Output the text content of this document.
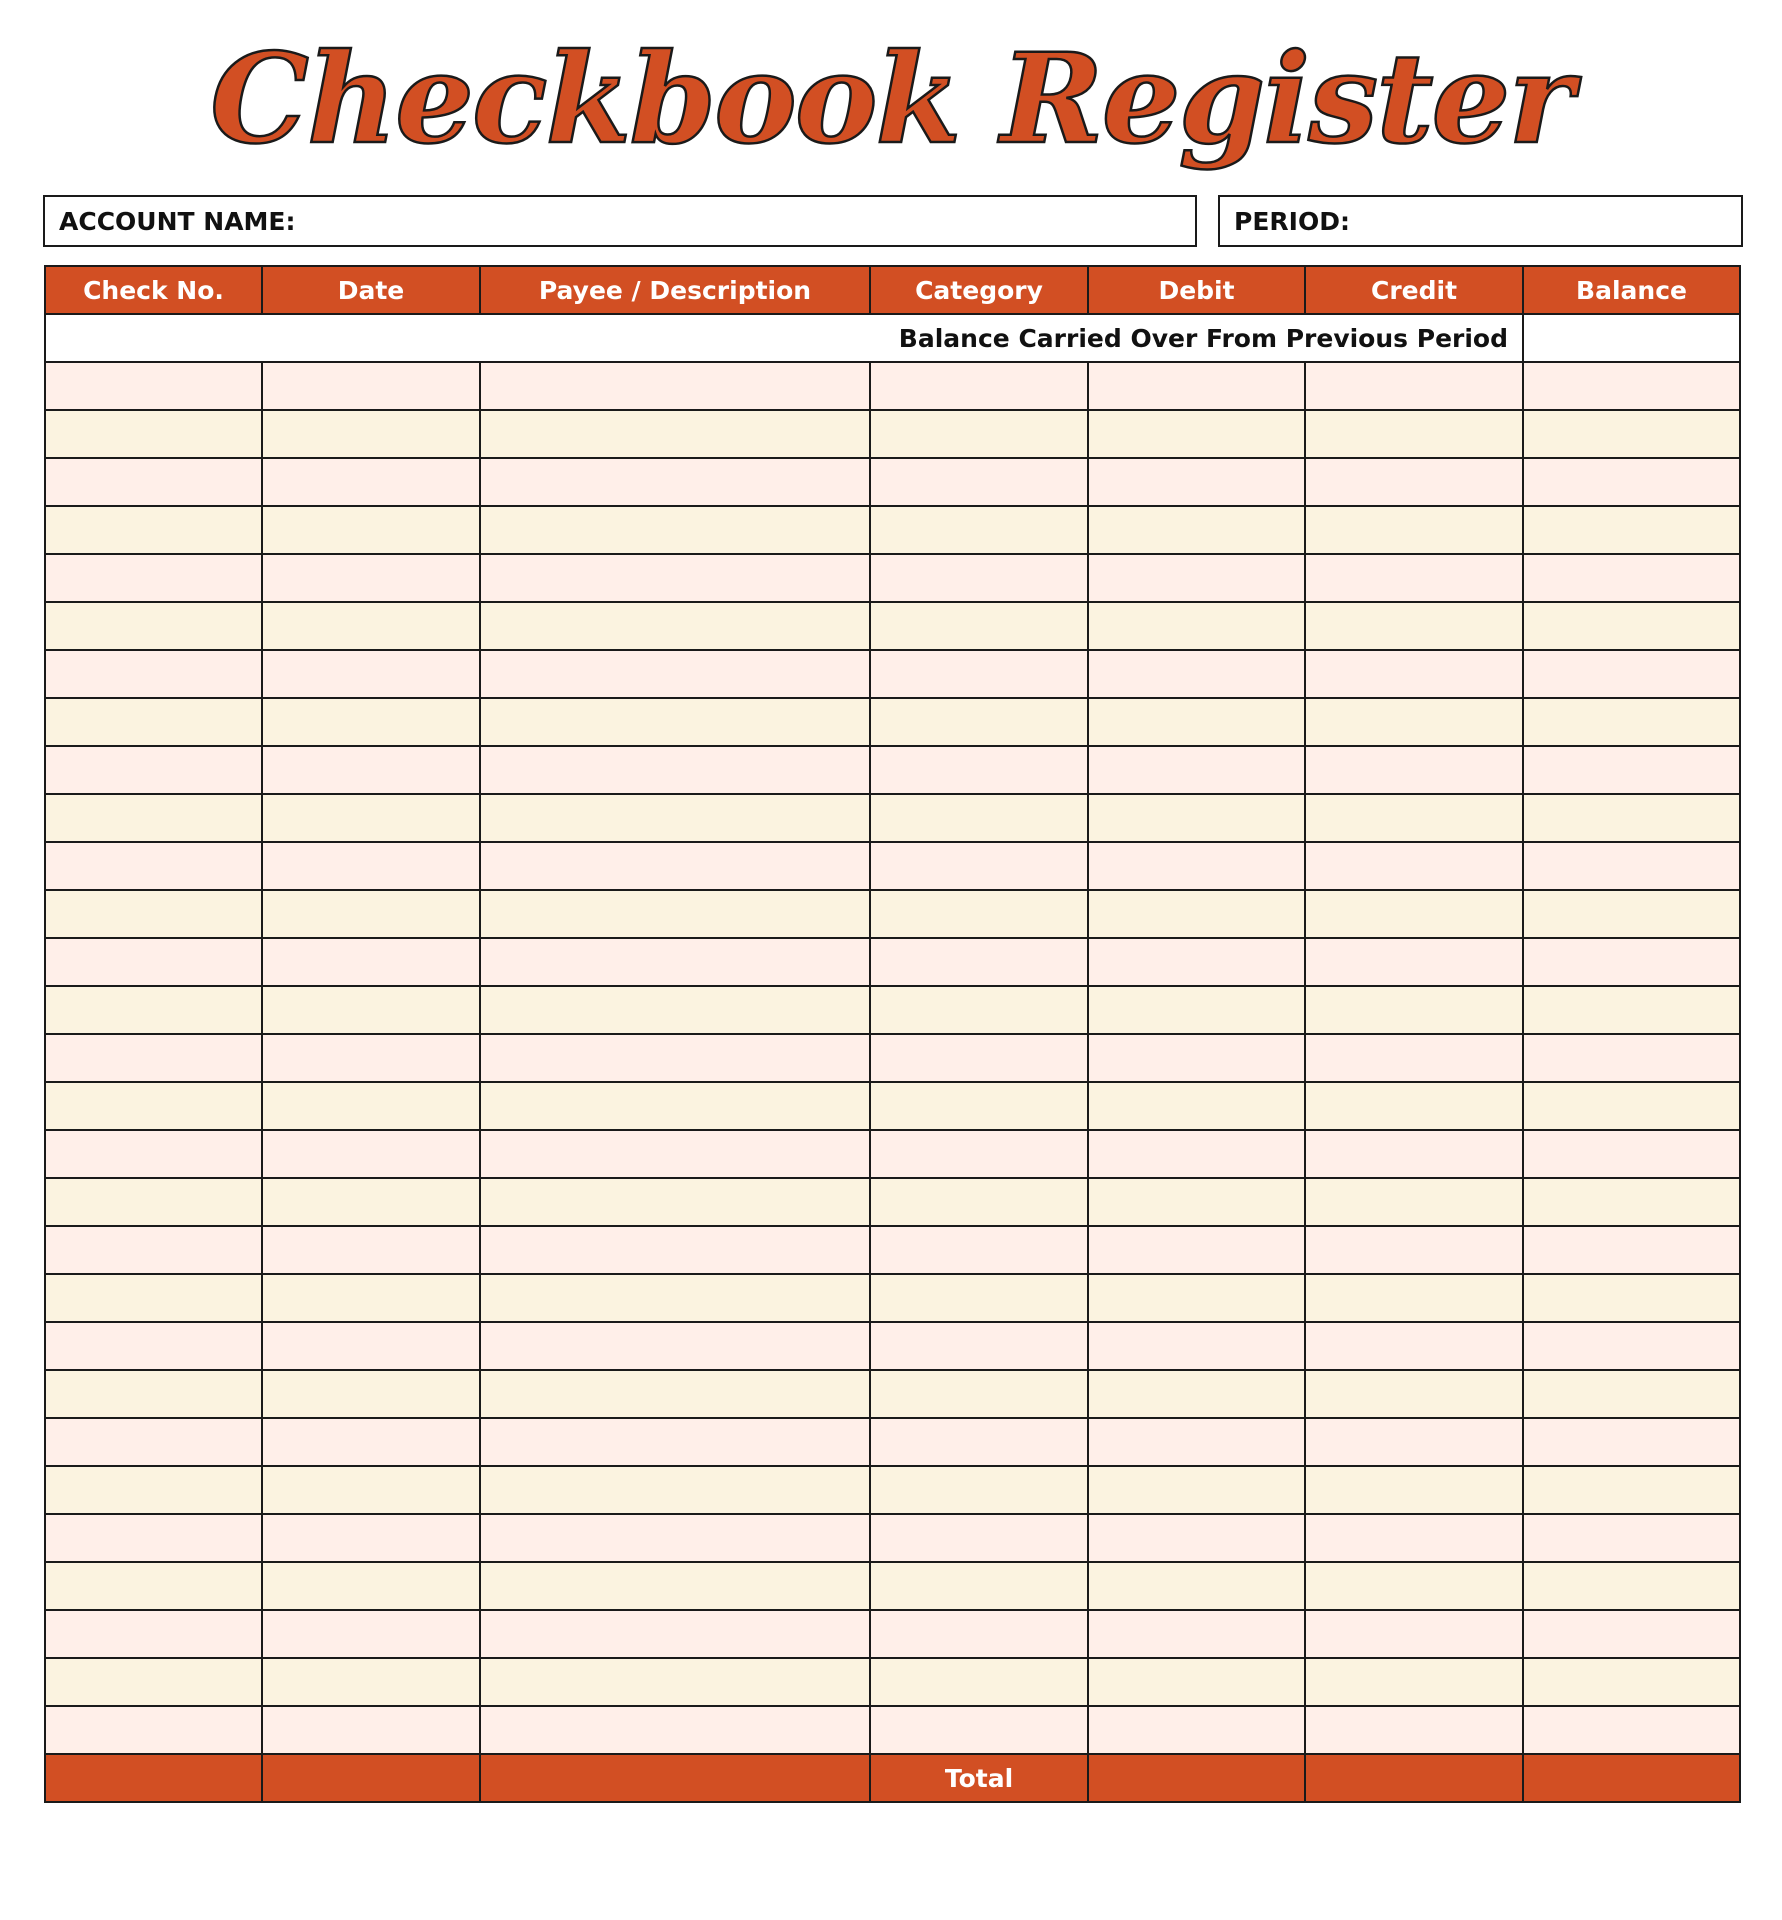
Checkbook Register
ACCOUNT NAME:	PERIOD:
Check No.	Date	Payee / Description	Category	Debit	Credit	Balance
Balance Carried Over From Previous Period						

			Total			
